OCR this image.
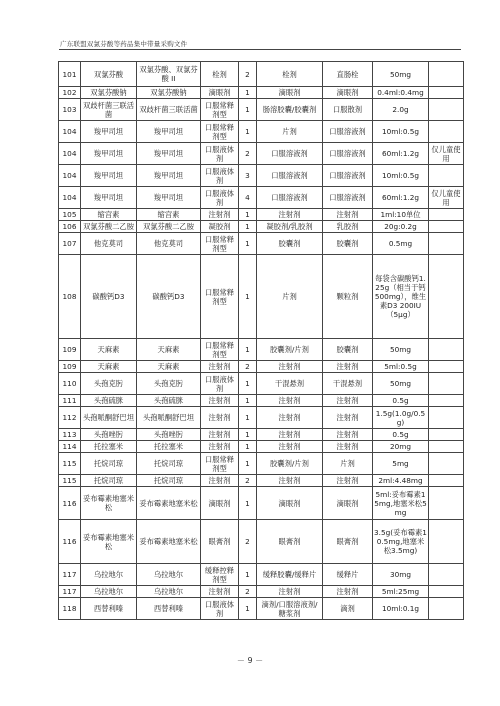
广东联盟双氯芬酸等药品集中带量采购文件
101	双氯芬酸	双氯芬酸、双氯芬酸 II	栓剂	2	栓剂	直肠栓	50mg	
102	双氯芬酸钠	双氯芬酸钠	滴眼剂	1	滴眼剂	滴眼剂	0.4ml:0.4mg	
103	双歧杆菌三联活菌	双歧杆菌三联活菌	口服常释剂型	1	肠溶胶囊/胶囊剂	口服散剂	2.0g	
104	羧甲司坦	羧甲司坦	口服常释剂型	1	片剂	口服溶液剂	10ml:0.5g	
104	羧甲司坦	羧甲司坦	口服液体剂	2	口服溶液剂	口服溶液剂	60ml:1.2g	仅儿童使用
104	羧甲司坦	羧甲司坦	口服液体剂	3	口服溶液剂	口服溶液剂	10ml:0.5g	
104	羧甲司坦	羧甲司坦	口服液体剂	4	口服溶液剂	口服溶液剂	60ml:1.2g	仅儿童使用
105	缩宫素	缩宫素	注射剂	1	注射剂	注射剂	1ml:10单位	
106	双氯芬酸二乙胺	双氯芬酸二乙胺	凝胶剂	1	凝胶剂/乳胶剂	乳胶剂	20g:0.2g	
107	他克莫司	他克莫司	口服常释剂型	1	胶囊剂	胶囊剂	0.5mg	
108	碳酸钙D3	碳酸钙D3	口服常释剂型	1	片剂	颗粒剂	每袋含碳酸钙1.25g（相当于钙500mg），维生素D3 200IU（5μg）	
109	天麻素	天麻素	口服常释剂型	1	胶囊剂/片剂	胶囊剂	50mg	
109	天麻素	天麻素	注射剂	2	注射剂	注射剂	5ml:0.5g	
110	头孢克肟	头孢克肟	口服液体剂	1	干混悬剂	干混悬剂	50mg	
111	头孢硫脒	头孢硫脒	注射剂	1	注射剂	注射剂	0.5g	
112	头孢哌酮舒巴坦	头孢哌酮舒巴坦	注射剂	1	注射剂	注射剂	1.5g(1.0g/0.5g)	
113	头孢唑肟	头孢唑肟	注射剂	1	注射剂	注射剂	0.5g	
114	托拉塞米	托拉塞米	注射剂	1	注射剂	注射剂	20mg	
115	托烷司琼	托烷司琼	口服常释剂型	1	胶囊剂/片剂	片剂	5mg	
115	托烷司琼	托烷司琼	注射剂	2	注射剂	注射剂	2ml:4.48mg	
116	妥布霉素地塞米松	妥布霉素地塞米松	滴眼剂	1	滴眼剂	滴眼剂	5ml:妥布霉素15mg,地塞米松5mg	
116	妥布霉素地塞米松	妥布霉素地塞米松	眼膏剂	2	眼膏剂	眼膏剂	3.5g(妥布霉素10.5mg,地塞米松3.5mg)	
117	乌拉地尔	乌拉地尔	缓释控释剂型	1	缓释胶囊/缓释片	缓释片	30mg	
117	乌拉地尔	乌拉地尔	注射剂	2	注射剂	注射剂	5ml:25mg	
118	西替利嗪	西替利嗪	口服液体剂	1	滴剂/口服溶液剂/糖浆剂	滴剂	10ml:0.1g	
－ 9 －
